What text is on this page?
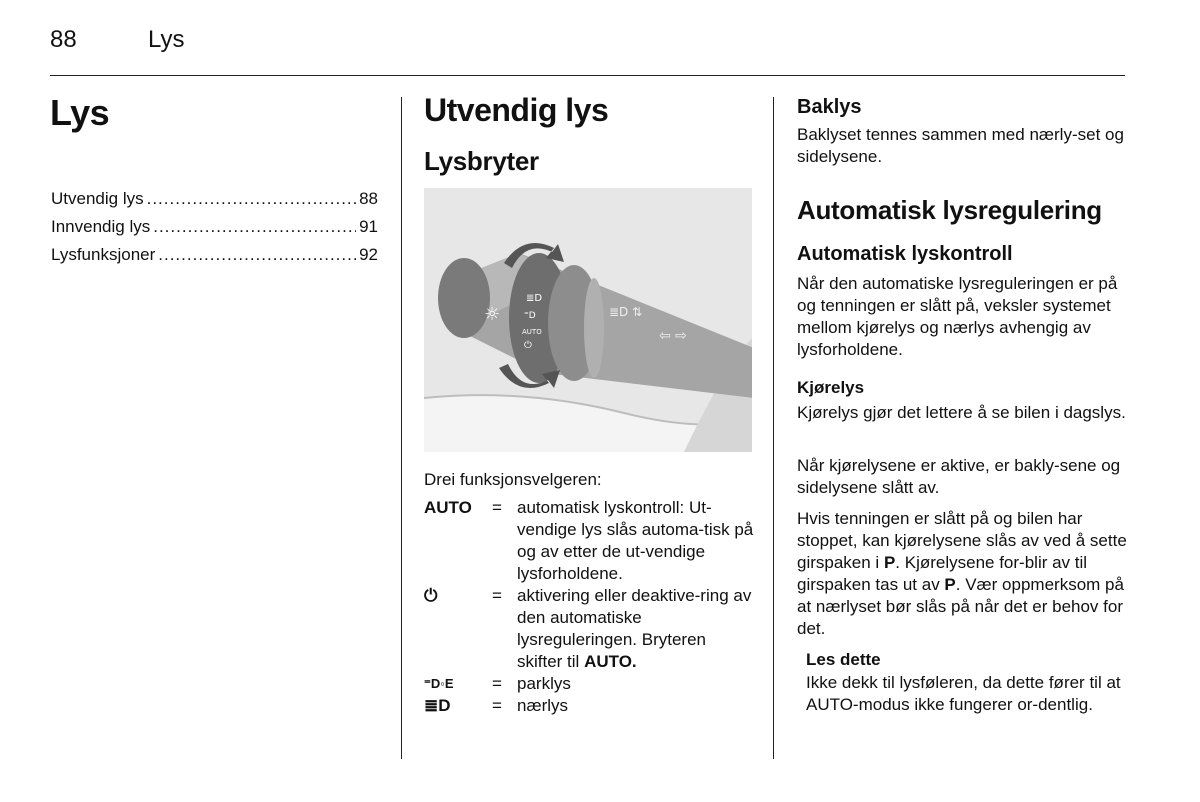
88	Lys
Lys
Utvendig lys .....	88
Innvendig lys .....	91
Lysfunksjoner .....	92
Utvendig lys
Lysbryter
☼
≣D
⁼D
AUTO
⏻
≣D ⇅
⇦ ⇨
Drei funksjonsvelgeren:
AUTO	= automatisk lyskontroll: Ut-vendige lys slås automa-tisk på og av etter de ut-vendige lysforholdene.
⏻	= aktivering eller deaktive-ring av den automatiske lysreguleringen. Bryteren skifter til AUTO.
⁼D◦E	= parklys
≣D	= nærlys
Baklys
Baklyset tennes sammen med nærly-set og sidelysene.
Automatisk lysregulering
Automatisk lyskontroll
Når den automatiske lysreguleringen er på og tenningen er slått på, veksler systemet mellom kjørelys og nærlys avhengig av lysforholdene.
Kjørelys
Kjørelys gjør det lettere å se bilen i dagslys.
Når kjørelysene er aktive, er bakly-sene og sidelysene slått av.
Hvis tenningen er slått på og bilen har stoppet, kan kjørelysene slås av ved å sette girspaken i P. Kjørelysene for-blir av til girspaken tas ut av P. Vær oppmerksom på at nærlyset bør slås på når det er behov for det.
Les dette
Ikke dekk til lysføleren, da dette fører til at AUTO-modus ikke fungerer or-dentlig.
